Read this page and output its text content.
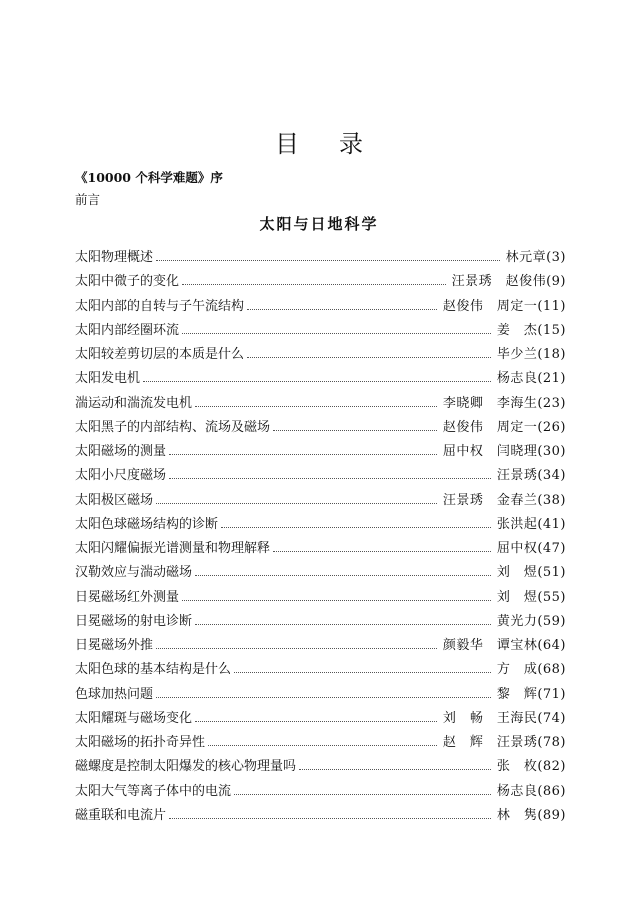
目录
《10000 个科学难题》序
前言
太阳与日地科学
太阳物理概述	林元章(3)
太阳中微子的变化	汪景琇　赵俊伟(9)
太阳内部的自转与子午流结构	赵俊伟　周定一(11)
太阳内部经圈环流	姜　杰(15)
太阳较差剪切层的本质是什么	毕少兰(18)
太阳发电机	杨志良(21)
湍运动和湍流发电机	李晓卿　李海生(23)
太阳黑子的内部结构、流场及磁场	赵俊伟　周定一(26)
太阳磁场的测量	屈中权　闫晓理(30)
太阳小尺度磁场	汪景琇(34)
太阳极区磁场	汪景琇　金春兰(38)
太阳色球磁场结构的诊断	张洪起(41)
太阳闪耀偏振光谱测量和物理解释	屈中权(47)
汉勒效应与湍动磁场	刘　煜(51)
日冕磁场红外测量	刘　煜(55)
日冕磁场的射电诊断	黄光力(59)
日冕磁场外推	颜毅华　谭宝林(64)
太阳色球的基本结构是什么	方　成(68)
色球加热问题	黎　辉(71)
太阳耀斑与磁场变化	刘　畅　王海民(74)
太阳磁场的拓扑奇异性	赵　辉　汪景琇(78)
磁螺度是控制太阳爆发的核心物理量吗	张　枚(82)
太阳大气等离子体中的电流	杨志良(86)
磁重联和电流片	林　隽(89)
